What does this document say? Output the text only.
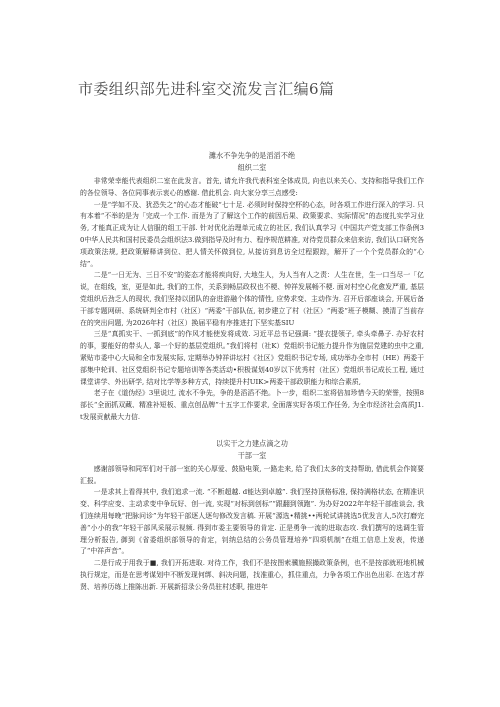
市委组织部先进科室交流发言汇编6篇
濉水不争先争的是滔滔不绝
组织二室

非常荣幸能代表组织二室在此发言。首先, 请允许我代表科室全体成员, 向也以来关心、支持和指导我们工作的各位领导、各位同事表示衷心的感谢. 借此机会. 向大家分享三点感受:

一是“学如不及、犹恐失之”的心态才能破“七十足. 必须时时保持空杯的心态，时各项工作进行深入的学习. 只有本着“不举的是为「完成一个工作. 而是为了了解这个工作的前因后果、政策要求、实际情况”的态度扎实学习业务, 才能真正成为让人信服的组工干部. 针对优化治理单元成立的社区, 我们认真学习《中国共产党支部工作条例30中华人民共和国村民委员会组织法3.做到指导及时有力、程序规范耕准, 对待党员群众来信来访, 我们认口研究各项政策法规, 把政策解释讲到位、把人情关怀做到位, 从接访到息访全过程跟踪，解开了一个个党员群众的“心结”。

二是“一日无为、三日不安”的姿态才能将疾向好, 大地生人，为人当有人之责：人生在世，生一口当尽一「亿说，在组线，室，更是如此, 我们的工作，关系到畅层政权也不梗、钟祥发展畅不梗. 面对村空心化愈发严重, 基层党组织后劲乏人的现状, 我们坚持以团队的奋进游融个体的情性, 应势求变、主动作为. 召开后部座谈会, 开展后备干部专题网研、系统研判全市村（社区）“两委”干部队伍, 初步建立了村（社区）“两委”班子模糊、摸清了当前存在的突出问题, 为2026年村（社区）换届平稳有序推进打下坚实基SIU

三是“真抓实干、一抓到底”的作风才能使发将成效. 习近平总书记强调: “提衣提领子, 牵头牵鼻子. 办好农村的事，要能好的带头人, 靠一个好的基层党组织。”我们将村（社K）党组织书记能力提升作为施层党建的虫中之重, 紧贴市委中心大局和全市发展实际, 定期举办钟祥讲坛村《社区》党组织书记专场, 成功举办全市村（HE）两委干部集中轮训、社区党组织书记专题培训等各类活动•积极谋划40岁以下优秀村（社区）党组织书记成长工程, 通过课堂讲学、外出研学, 结对比学等多种方式，持续提升村UIK>两委干部政职能力和综合素质,

老子在《道伪经》3里说过, 流水不争先，争的是滔滔不绝。卜一步，组织二室将倍加珍惜今天的荣誉，按照8部长“全面抓双藏、精准补短板、重点创品牌”十五字工作要求, 全面落实好各项工作任务, 为全市经济社会高质J1.t发展贡献最大力信.

以实干之力建点滴之功
干部一室

感谢部领导和同军们对干部一室的关心厚爱、鼓励电策, 一路走来, 给了我们太多的支持帮助, 借此机会作简要汇报。

一是求其上看得其中, 我们追求一流. “不断超越. d能达到卓越”. 我们坚持顶格标准, 保持满格状态, 在精准识变、科学应变、主动求变中争玩好、创一流, 实现“对标到创标”“跟翻到领跑”. 为办好2022年年轻干部座谈会, 我们连续用每晚“把脉问诊”为年轻干部逐人逐句修改发言稿. 开展“源选•精挑••两轮试讲挑选5优发言人,5次打磨完善“小小的我”年轻干部风采展示视频. 得到市委主要领导的肯定. 正是勇争一流的进取态攻. 我们撰写的选调生管理分析报告, 御到《省委组织部领导的肯定，钊纳总结的公务员管理培养“四项机制”在组工信息上发表，传递了“中祥声音”。

二是行成于用我于■, 我们开拓进取. 对待工作，我们不是按图索骥施照撮政策条例，也不是按部就班地机械执行规定，而是在思考谋划中不断发现何绑、斜决问题，找准重心，抓住重点，力争各项工作出色出彩. 在选才荐贤、培养历练上推陈出新. 开展新招录公务员驻村述职, 推进年
